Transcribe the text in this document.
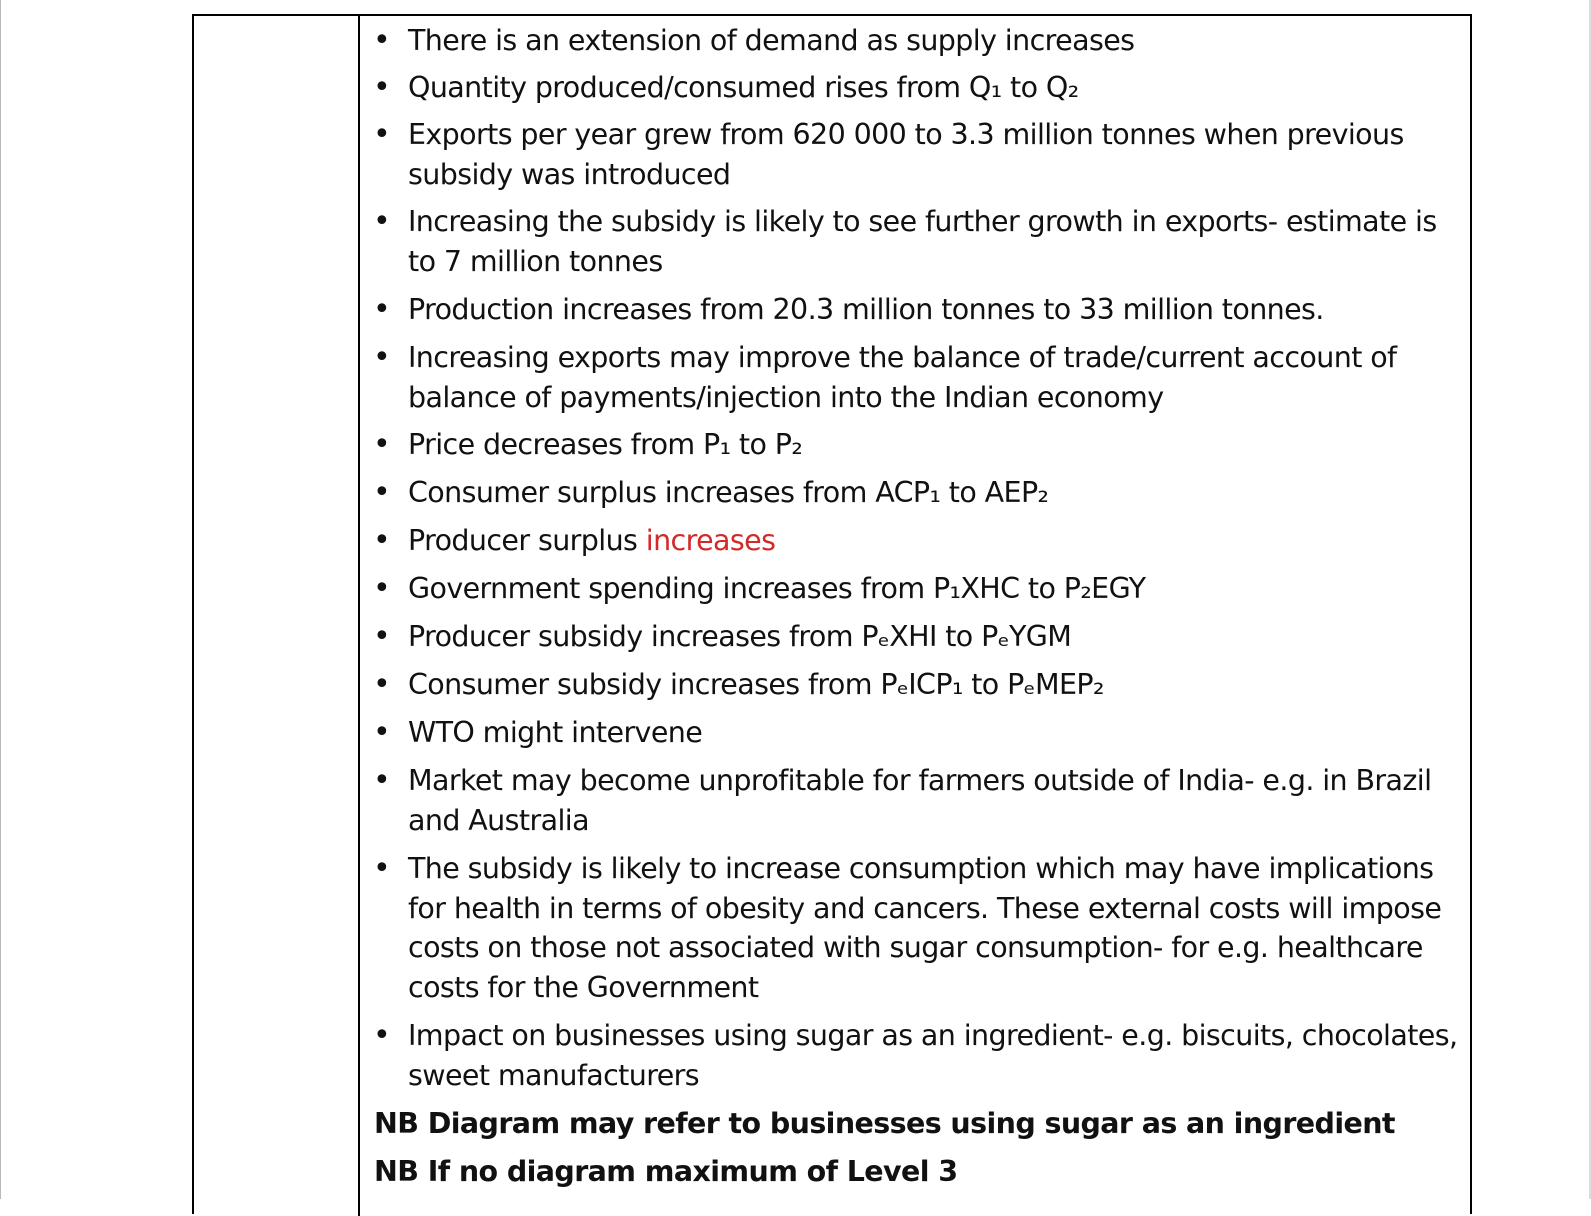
• There is an extension of demand as supply increases

• Quantity produced/consumed rises from Q₁ to Q₂

• Exports per year grew from 620 000 to 3.3 million tonnes when previous
subsidy was introduced

• Increasing the subsidy is likely to see further growth in exports- estimate is
to 7 million tonnes

• Production increases from 20.3 million tonnes to 33 million tonnes.

• Increasing exports may improve the balance of trade/current account of
balance of payments/injection into the Indian economy

• Price decreases from P₁ to P₂

• Consumer surplus increases from ACP₁ to AEP₂

• Producer surplus increases

• Government spending increases from P₁XHC to P₂EGY

• Producer subsidy increases from PₑXHI to PₑYGM

• Consumer subsidy increases from PₑICP₁ to PₑMEP₂

• WTO might intervene

• Market may become unprofitable for farmers outside of India- e.g. in Brazil
and Australia

• The subsidy is likely to increase consumption which may have implications
for health in terms of obesity and cancers. These external costs will impose
costs on those not associated with sugar consumption- for e.g. healthcare
costs for the Government

• Impact on businesses using sugar as an ingredient- e.g. biscuits, chocolates,
sweet manufacturers

NB Diagram may refer to businesses using sugar as an ingredient
NB If no diagram maximum of Level 3
